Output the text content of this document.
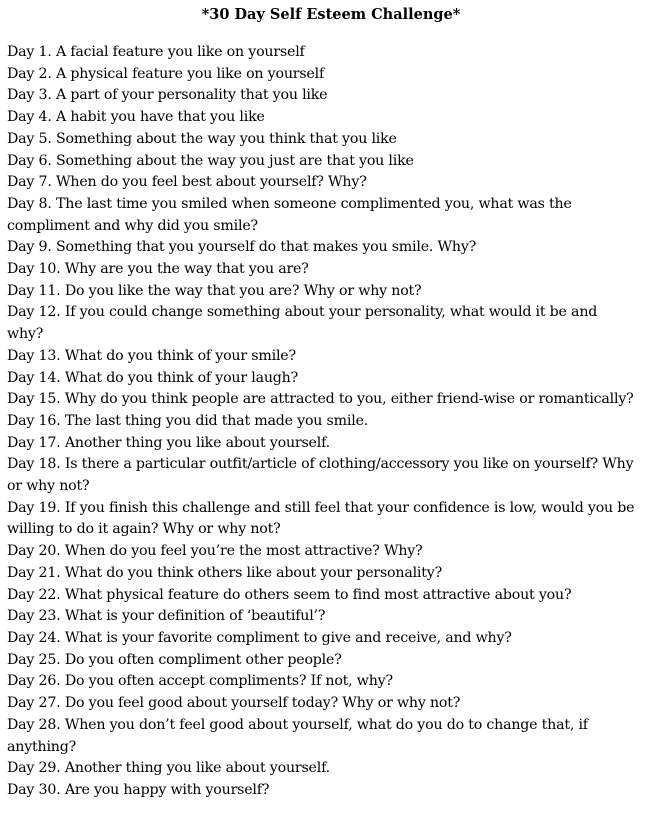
*30 Day Self Esteem Challenge*
Day 1. A facial feature you like on yourself
Day 2. A physical feature you like on yourself
Day 3. A part of your personality that you like
Day 4. A habit you have that you like
Day 5. Something about the way you think that you like
Day 6. Something about the way you just are that you like
Day 7. When do you feel best about yourself? Why?
Day 8. The last time you smiled when someone complimented you, what was the compliment and why did you smile?
Day 9. Something that you yourself do that makes you smile. Why?
Day 10. Why are you the way that you are?
Day 11. Do you like the way that you are? Why or why not?
Day 12. If you could change something about your personality, what would it be and why?
Day 13. What do you think of your smile?
Day 14. What do you think of your laugh?
Day 15. Why do you think people are attracted to you, either friend-wise or romantically?
Day 16. The last thing you did that made you smile.
Day 17. Another thing you like about yourself.
Day 18. Is there a particular outfit/article of clothing/accessory you like on yourself? Why or why not?
Day 19. If you finish this challenge and still feel that your confidence is low, would you be willing to do it again? Why or why not?
Day 20. When do you feel you’re the most attractive? Why?
Day 21. What do you think others like about your personality?
Day 22. What physical feature do others seem to find most attractive about you?
Day 23. What is your definition of ‘beautiful’?
Day 24. What is your favorite compliment to give and receive, and why?
Day 25. Do you often compliment other people?
Day 26. Do you often accept compliments? If not, why?
Day 27. Do you feel good about yourself today? Why or why not?
Day 28. When you don’t feel good about yourself, what do you do to change that, if anything?
Day 29. Another thing you like about yourself.
Day 30. Are you happy with yourself?
